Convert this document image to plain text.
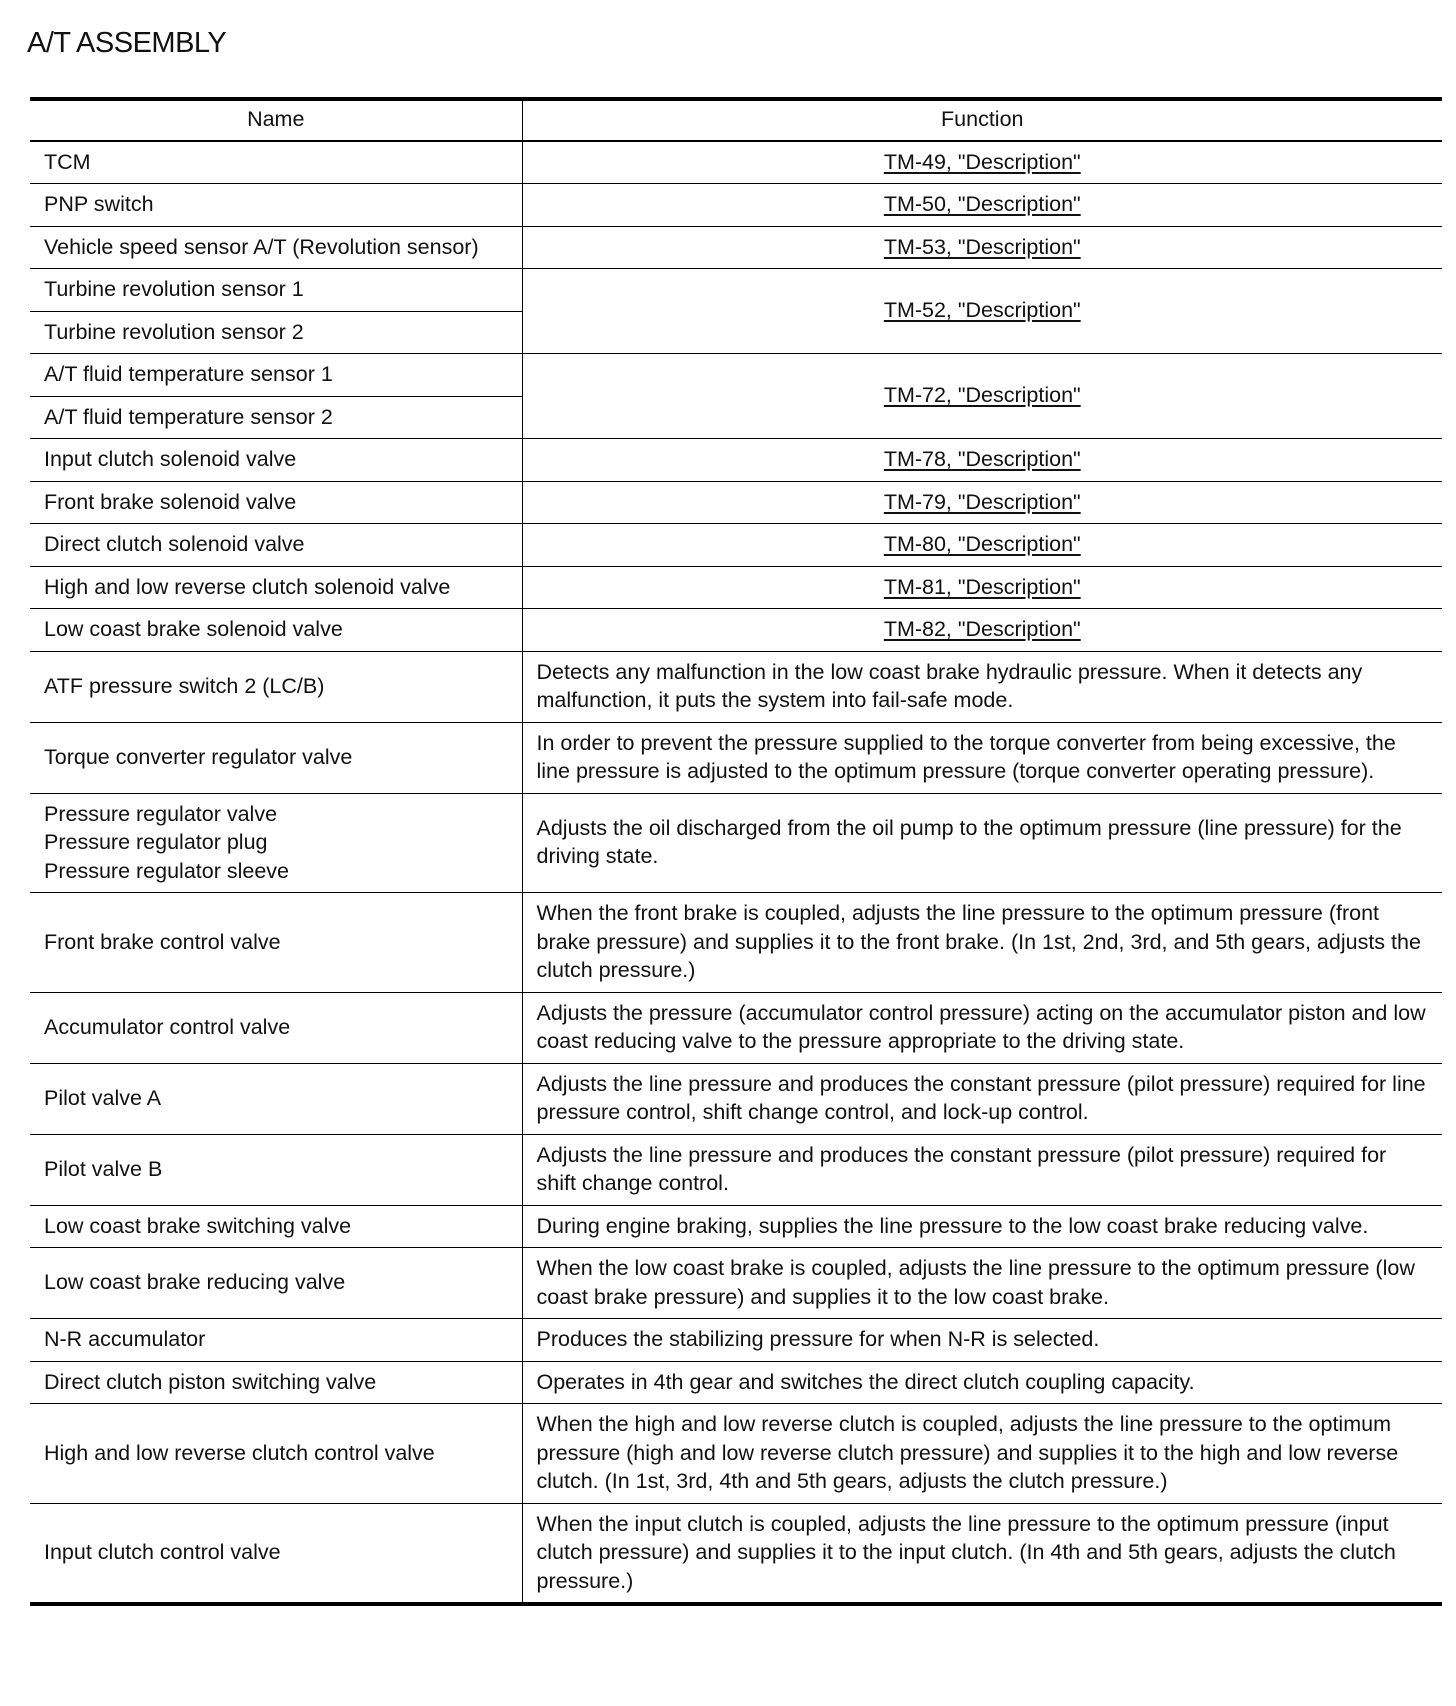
A/T ASSEMBLY
Name	Function
TCM	TM-49, "Description"
PNP switch	TM-50, "Description"
Vehicle speed sensor A/T (Revolution sensor)	TM-53, "Description"
Turbine revolution sensor 1	TM-52, "Description"
Turbine revolution sensor 2	
A/T fluid temperature sensor 1	TM-72, "Description"
A/T fluid temperature sensor 2	
Input clutch solenoid valve	TM-78, "Description"
Front brake solenoid valve	TM-79, "Description"
Direct clutch solenoid valve	TM-80, "Description"
High and low reverse clutch solenoid valve	TM-81, "Description"
Low coast brake solenoid valve	TM-82, "Description"
ATF pressure switch 2 (LC/B)	Detects any malfunction in the low coast brake hydraulic pressure. When it detects any malfunction, it puts the system into fail-safe mode.
Torque converter regulator valve	In order to prevent the pressure supplied to the torque converter from being excessive, the line pressure is adjusted to the optimum pressure (torque converter operating pressure).

Pressure regulator valve
Pressure regulator plug
Pressure regulator sleeve	Adjusts the oil discharged from the oil pump to the optimum pressure (line pressure) for the driving state.
Front brake control valve	When the front brake is coupled, adjusts the line pressure to the optimum pressure (front brake pressure) and supplies it to the front brake. (In 1st, 2nd, 3rd, and 5th gears, adjusts the clutch pressure.)
Accumulator control valve	Adjusts the pressure (accumulator control pressure) acting on the accumulator piston and low coast reducing valve to the pressure appropriate to the driving state.
Pilot valve A	Adjusts the line pressure and produces the constant pressure (pilot pressure) required for line pressure control, shift change control, and lock-up control.
Pilot valve B	Adjusts the line pressure and produces the constant pressure (pilot pressure) required for shift change control.
Low coast brake switching valve	During engine braking, supplies the line pressure to the low coast brake reducing valve.
Low coast brake reducing valve	When the low coast brake is coupled, adjusts the line pressure to the optimum pressure (low coast brake pressure) and supplies it to the low coast brake.
N-R accumulator	Produces the stabilizing pressure for when N-R is selected.
Direct clutch piston switching valve	Operates in 4th gear and switches the direct clutch coupling capacity.
High and low reverse clutch control valve	When the high and low reverse clutch is coupled, adjusts the line pressure to the optimum pressure (high and low reverse clutch pressure) and supplies it to the high and low reverse clutch. (In 1st, 3rd, 4th and 5th gears, adjusts the clutch pressure.)
Input clutch control valve	When the input clutch is coupled, adjusts the line pressure to the optimum pressure (input clutch pressure) and supplies it to the input clutch. (In 4th and 5th gears, adjusts the clutch pressure.)
